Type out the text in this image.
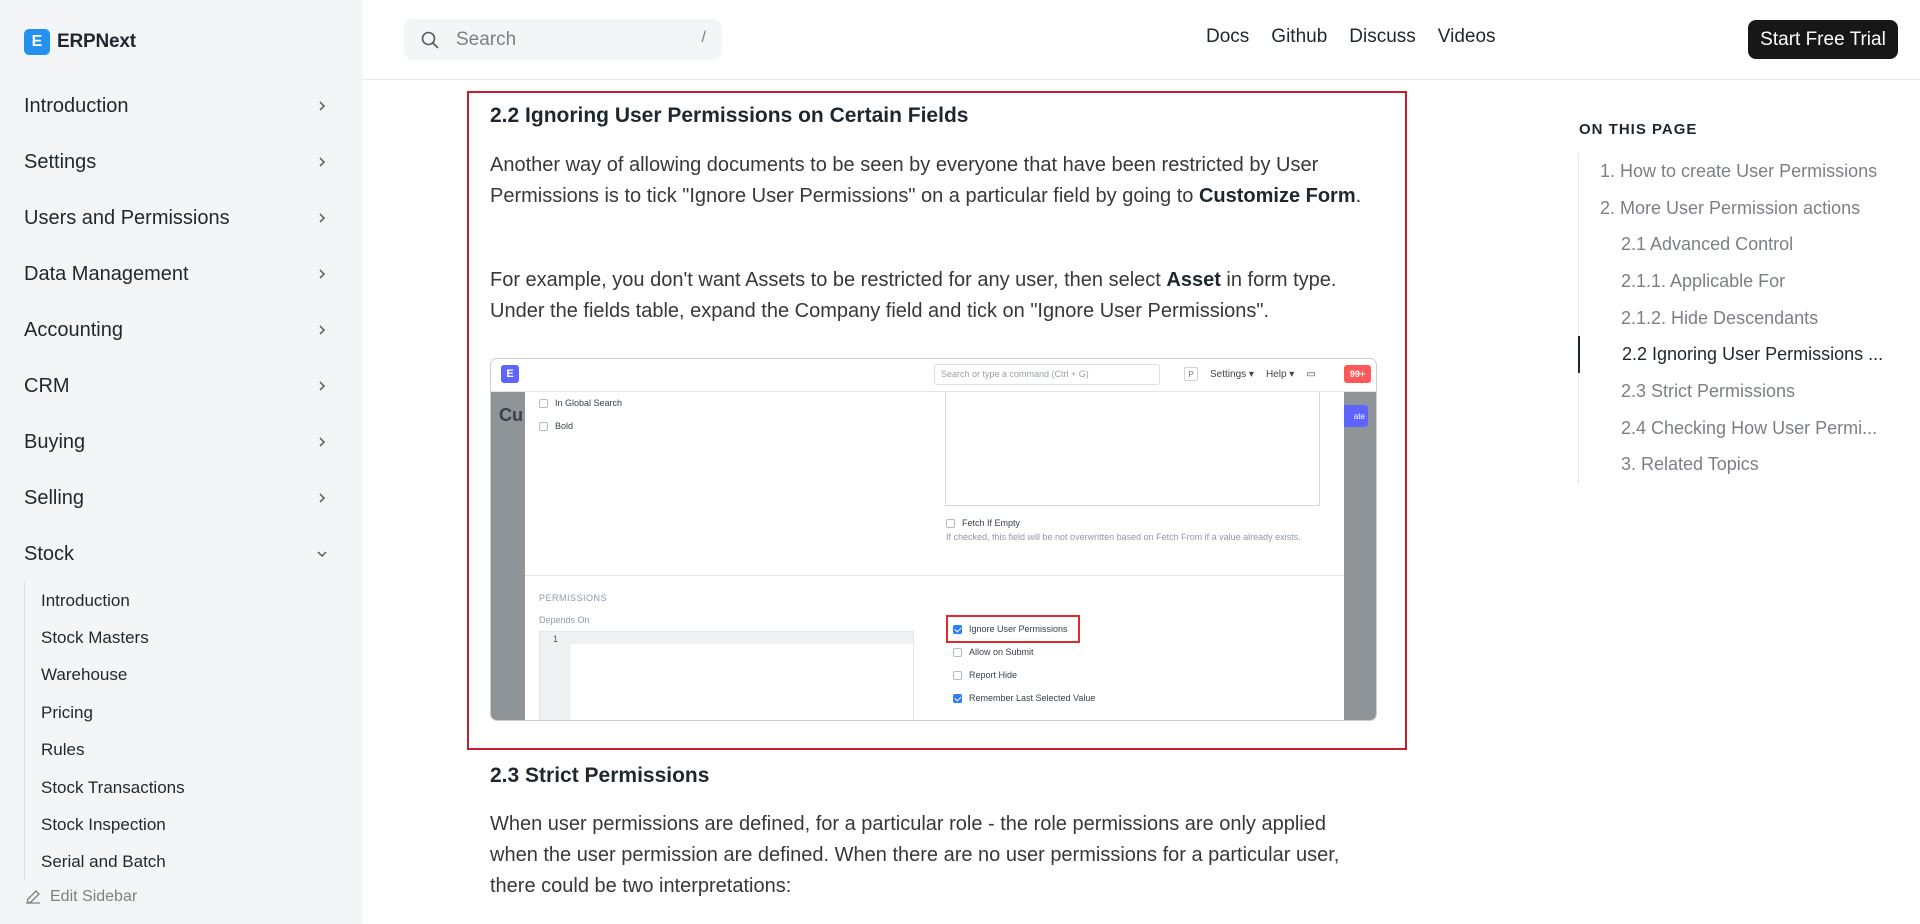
E ERPNext
Introduction
Settings
Users and Permissions
Data Management
Accounting
CRM
Buying
Selling
Stock
Introduction
Stock Masters
Warehouse
Pricing
Rules
Stock Transactions
Stock Inspection
Serial and Batch
Edit Sidebar
Search
/	Docs Github Discuss Videos	Start Free Trial
2.2 Ignoring User Permissions on Certain Fields

Another way of allowing documents to be seen by everyone that have been restricted by User Permissions is to tick "Ignore User Permissions" on a particular field by going to Customize Form.

For example, you don't want Assets to be restricted for any user, then select Asset in form type. Under the fields table, expand the Company field and tick on "Ignore User Permissions".

E	Search or type a command (Ctrl + G)	P	Settings ▾ Help ▾ ▭	99+
Cu	ate
In Global Search
Bold
Fetch If Empty
If checked, this field will be not overwritten based on Fetch From if a value already exists.
PERMISSIONS
Depends On
1
Ignore User Permissions
Allow on Submit
Report Hide
Remember Last Selected Value
2.3 Strict Permissions

When user permissions are defined, for a particular role - the role permissions are only applied when the user permission are defined. When there are no user permissions for a particular user, there could be two interpretations:

ON THIS PAGE
1. How to create User Permissions
2. More User Permission actions
2.1 Advanced Control
2.1.1. Applicable For
2.1.2. Hide Descendants
2.2 Ignoring User Permissions ...
2.3 Strict Permissions
2.4 Checking How User Permi...
3. Related Topics
